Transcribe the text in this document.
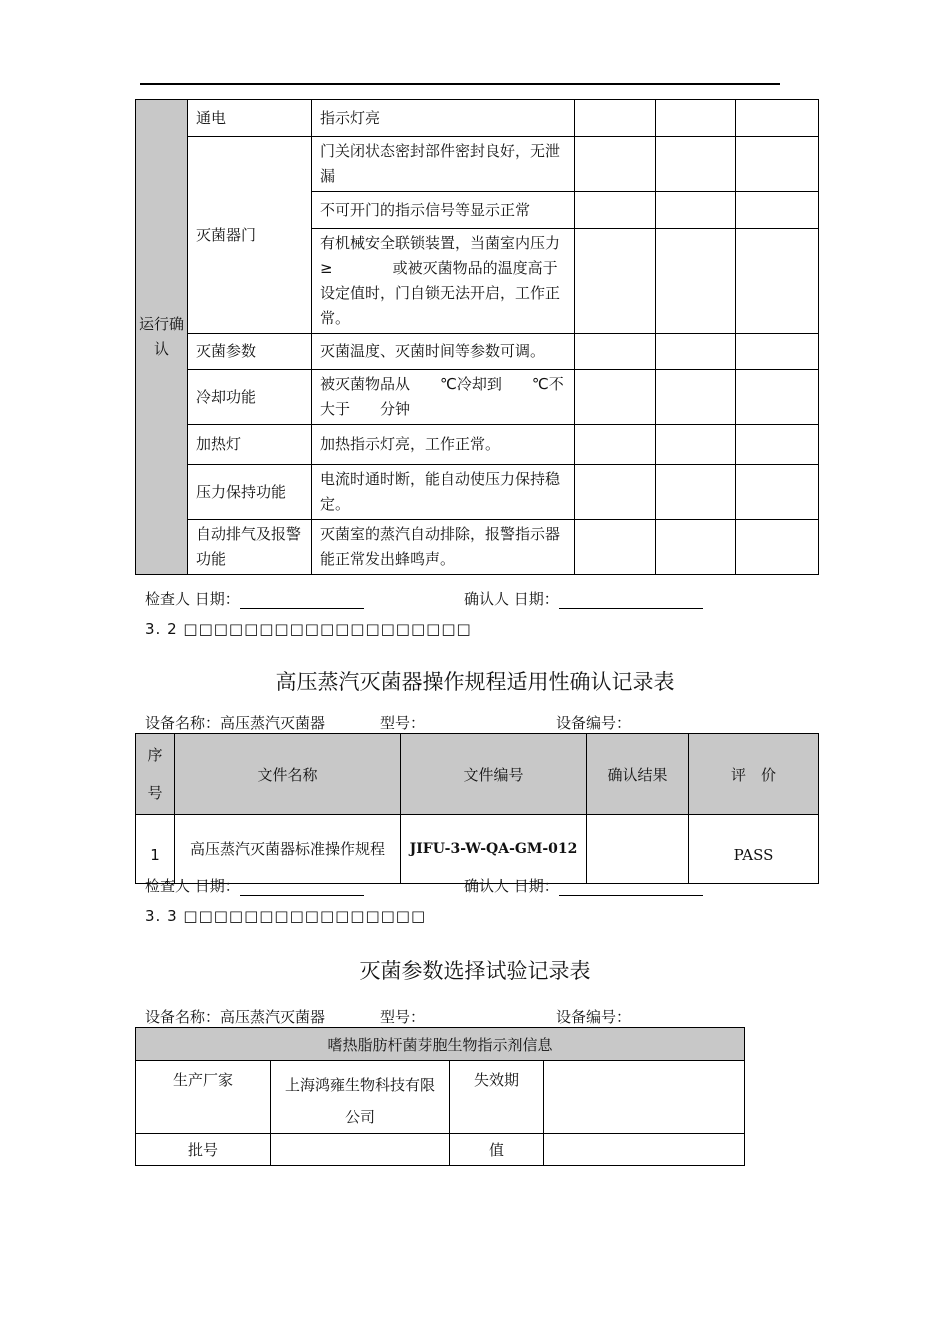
运行确认	通电	指示灯亮			
	灭菌器门	门关闭状态密封部件密封良好，无泄漏			
		不可开门的指示信号等显示正常			
		有机械安全联锁装置，当菌室内压力≥　　　　或被灭菌物品的温度高于设定值时，门自锁无法开启，工作正常。			
	灭菌参数	灭菌温度、灭菌时间等参数可调。			
	冷却功能	被灭菌物品从　　℃冷却到　　℃不大于　　分钟			
	加热灯	加热指示灯亮，工作正常。			
	压力保持功能	电流时通时断，能自动使压力保持稳定。			
	自动排气及报警功能	灭菌室的蒸汽自动排除，报警指示器能正常发出蜂鸣声。			
检查人 日期：	确认人 日期：
3. 2 □□□□□□□□□□□□□□□□□□□
高压蒸汽灭菌器操作规程适用性确认记录表
设备名称：高压蒸汽灭菌器	型号：	设备编号：
序号	文件名称	文件编号	确认结果	评　价
1	高压蒸汽灭菌器标准操作规程	JIFU-3-W-QA-GM-012		PASS
检查人 日期：	确认人 日期：
3. 3 □□□□□□□□□□□□□□□□
灭菌参数选择试验记录表
设备名称：高压蒸汽灭菌器	型号：	设备编号：
嗜热脂肪杆菌芽胞生物指示剂信息			
生产厂家	上海鸿雍生物科技有限公司	失效期	
批号		值	
